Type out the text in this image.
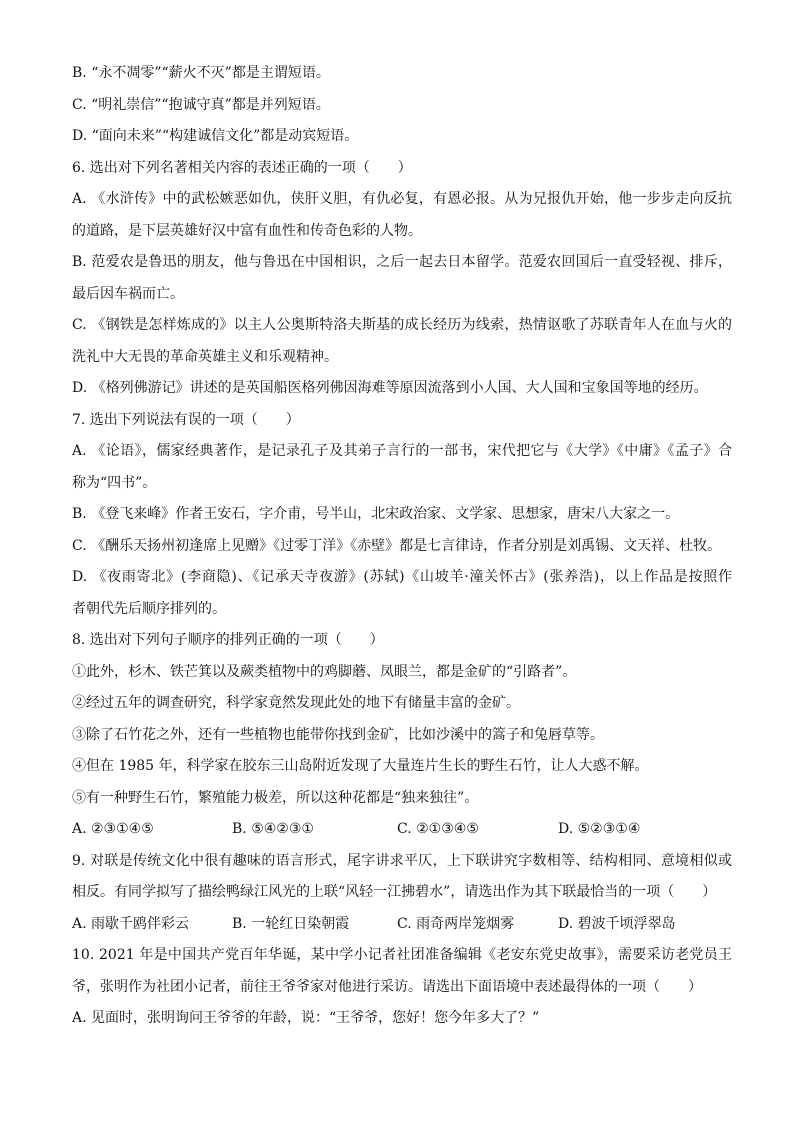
B. “永不凋零”“薪火不灭”都是主谓短语。
C. “明礼崇信”“抱诚守真”都是并列短语。
D. “面向未来”“构建诚信文化”都是动宾短语。
6. 选出对下列名著相关内容的表述正确的一项（　　）
A. 《水浒传》中的武松嫉恶如仇，侠肝义胆，有仇必复，有恩必报。从为兄报仇开始，他一步步走向反抗
的道路，是下层英雄好汉中富有血性和传奇色彩的人物。
B. 范爱农是鲁迅的朋友，他与鲁迅在中国相识，之后一起去日本留学。范爱农回国后一直受轻视、排斥，
最后因车祸而亡。
C. 《钢铁是怎样炼成的》以主人公奥斯特洛夫斯基的成长经历为线索，热情讴歌了苏联青年人在血与火的
洗礼中大无畏的革命英雄主义和乐观精神。
D. 《格列佛游记》讲述的是英国船医格列佛因海难等原因流落到小人国、大人国和宝象国等地的经历。
7. 选出下列说法有误的一项（　　）
A. 《论语》，儒家经典著作，是记录孔子及其弟子言行的一部书，宋代把它与《大学》《中庸》《孟子》合
称为“四书”。
B. 《登飞来峰》作者王安石，字介甫，号半山，北宋政治家、文学家、思想家，唐宋八大家之一。
C. 《酬乐天扬州初逢席上见赠》《过零丁洋》《赤壁》都是七言律诗，作者分别是刘禹锡、文天祥、杜牧。
D. 《夜雨寄北》(李商隐)、《记承天寺夜游》(苏轼)《山坡羊·潼关怀古》(张养浩)，以上作品是按照作
者朝代先后顺序排列的。
8. 选出对下列句子顺序的排列正确的一项（　　）
①此外，杉木、铁芒箕以及蕨类植物中的鸡脚蘑、凤眼兰，都是金矿的“引路者”。
②经过五年的调查研究，科学家竟然发现此处的地下有储量丰富的金矿。
③除了石竹花之外，还有一些植物也能带你找到金矿，比如沙溪中的篙子和兔唇草等。
④但在 1985 年，科学家在胶东三山岛附近发现了大量连片生长的野生石竹，让人大惑不解。
⑤有一种野生石竹，繁殖能力极差，所以这种花都是“独来独往”。
A. ②③①④⑤	B. ⑤④②③①	C. ②①③④⑤	D. ⑤②③①④
9. 对联是传统文化中很有趣味的语言形式，尾字讲求平仄，上下联讲究字数相等、结构相同、意境相似或
相反。有同学拟写了描绘鸭绿江风光的上联“风轻一江拂碧水”，请选出作为其下联最恰当的一项（　　）
A. 雨歇千鸥伴彩云	B. 一轮红日染朝霞	C. 雨奇两岸笼烟雾	D. 碧波千顷浮翠岛
10. 2021 年是中国共产党百年华诞，某中学小记者社团准备编辑《老安东党史故事》，需要采访老党员王
爷，张明作为社团小记者，前往王爷爷家对他进行采访。请选出下面语境中表述最得体的一项（　　）
A. 见面时，张明询问王爷爷的年龄，说：“王爷爷，您好！您今年多大了？”
